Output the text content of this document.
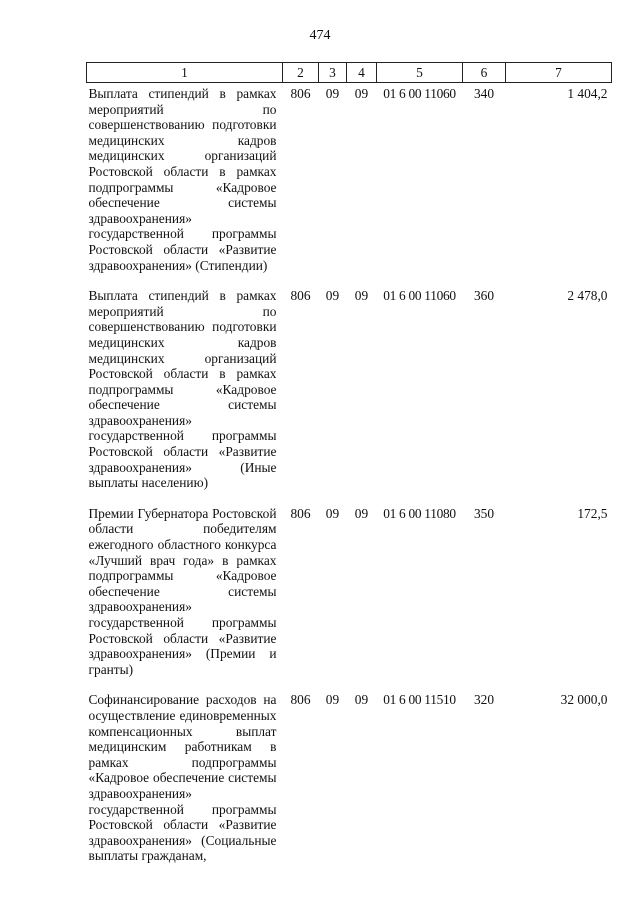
474
1	2	3	4	5	6	7
Выплата стипендий в рамках мероприятий по совершенствованию подготовки медицинских кадров медицинских организаций Ростовской области в рамках подпрограммы «Кадровое обеспечение системы здравоохранения» государственной программы Ростовской области «Развитие здравоохранения» (Стипендии)	806	09	09	01 6 00 11060	340	1 404,2
Выплата стипендий в рамках мероприятий по совершенствованию подготовки медицинских кадров медицинских организаций Ростовской области в рамках подпрограммы «Кадровое обеспечение системы здравоохранения» государственной программы Ростовской области «Развитие здравоохранения» (Иные выплаты населению)	806	09	09	01 6 00 11060	360	2 478,0
Премии Губернатора Ростовской области победителям ежегодного областного конкурса «Лучший врач года» в рамках подпрограммы «Кадровое обеспечение системы здравоохранения» государственной программы Ростовской области «Развитие здравоохранения» (Премии и гранты)	806	09	09	01 6 00 11080	350	172,5
Софинансирование расходов на осуществление единовременных компенсационных выплат медицинским работникам в рамках подпрограммы «Кадровое обеспечение системы здравоохранения» государственной программы Ростовской области «Развитие здравоохранения» (Социальные выплаты гражданам,	806	09	09	01 6 00 11510	320	32 000,0
